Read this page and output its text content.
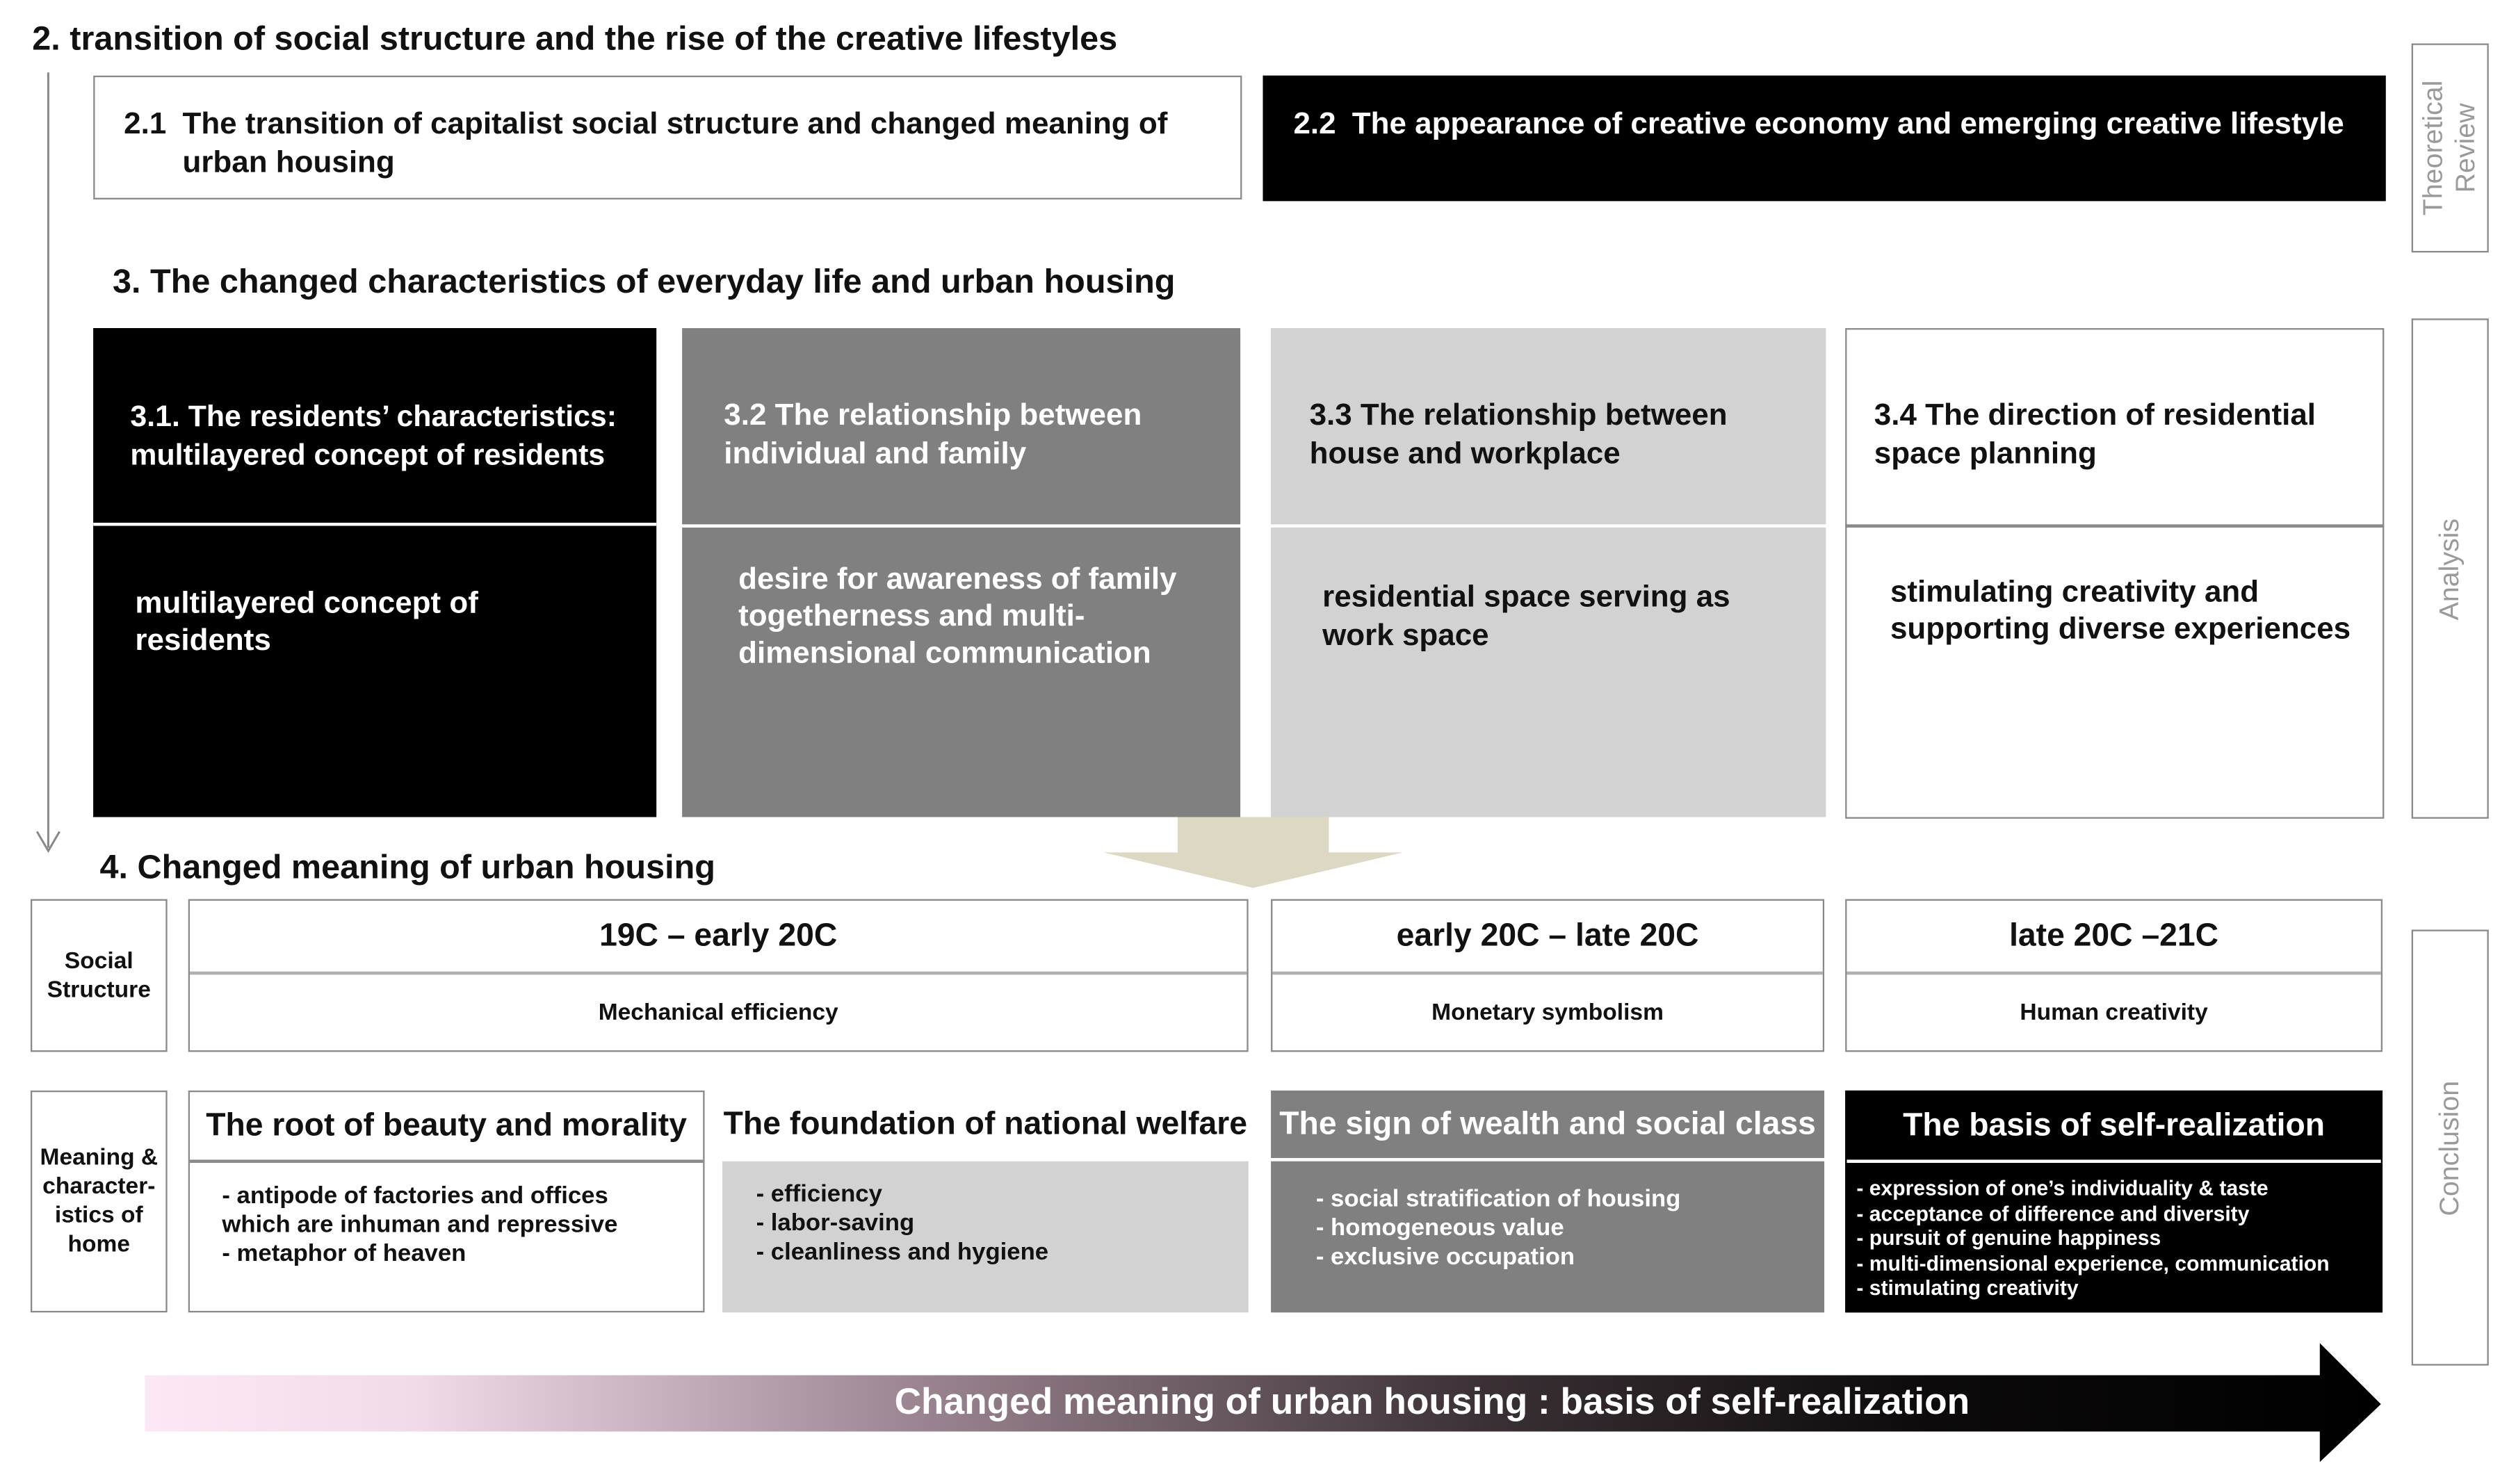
2. transition of social structure and the rise of the creative lifestyles
2.1 The transition of capitalist social structure and changed meaning of urban housing
2.2 The appearance of creative economy and emerging creative lifestyle
3. The changed characteristics of everyday life and urban housing
3.1. The residents’ characteristics: multilayered concept of residents
multilayered concept of residents
3.2 The relationship between individual and family
desire for awareness of family togetherness and multi-dimensional communication
3.3 The relationship between house and workplace
residential space serving as work space
3.4 The direction of residential space planning
stimulating creativity and supporting diverse experiences
4. Changed meaning of urban housing
Social Structure
19C – early 20C
Mechanical efficiency
early 20C – late 20C
Monetary symbolism
late 20C –21C
Human creativity
Meaning & character-istics of home
The root of beauty and morality
- antipode of factories and offices
which are inhuman and repressive
- metaphor of heaven
The foundation of national welfare
- efficiency
- labor-saving
- cleanliness and hygiene
The sign of wealth and social class
- social stratification of housing
- homogeneous value
- exclusive occupation
The basis of self-realization
- expression of one’s individuality & taste
- acceptance of difference and diversity
- pursuit of genuine happiness
- multi-dimensional experience, communication
- stimulating creativity
Theoretical Review
Analysis
Conclusion
Changed meaning of urban housing : basis of self-realization
